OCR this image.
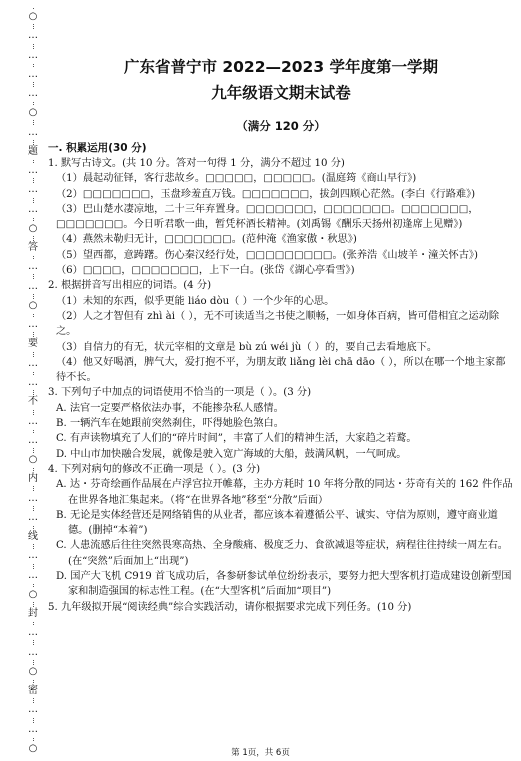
○
…
…
…
…
○
…
题
…
…
…
○
答
…
…
○
…
要
…
…
不
…
…
○
内
…
…
线
…
…
○
封
…
…
○
密
…
…
○
广东省普宁市 2022—2023 学年度第一学期
九年级语文期末试卷
（满分 120 分）
一. 积累运用(30 分)
1. 默写古诗文。(共 10 分。答对一句得 1 分，满分不超过 10 分)
（1）晨起动征铎，客行悲故乡。□□□□□，□□□□□。(温庭筠《商山早行》)
（2）□□□□□□□，玉盘珍羞直万钱。□□□□□□□，拔剑四顾心茫然。(李白《行路难》)
（3）巴山楚水凄凉地，二十三年弃置身。□□□□□□□，□□□□□□□。□□□□□□□，□□□□□□□。今日听君歌一曲，暂凭杯酒长精神。(刘禹锡《酬乐天扬州初逢席上见赠》)
（4）燕然未勒归无计，□□□□□□□。(范仲淹《渔家傲・秋思》)
（5）望西都，意踌躇。伤心秦汉经行处，□□□□□□□□□。(张养浩《山坡羊・潼关怀古》)
（6）□□□□，□□□□□□□，上下一白。(张岱《湖心亭看雪》)
2. 根据拼音写出相应的词语。(4 分)
（1）未知的东西，似乎更能 liáo dòu（ ）一个少年的心思。
（2）人之才智但有 zhì ài（ ），无不可读适当之书使之顺畅，一如身体百病，皆可借相宜之运动除之。
（3）自信力的有无，状元宰相的文章是 bù zú wéi jù（ ）的，要自己去看地底下。
（4）他又好喝酒，脾气大，爱打抱不平，为朋友敢 liǎng lèi chā dāo（ ），所以在哪一个地主家都待不长。
3. 下列句子中加点的词语使用不恰当的一项是（ ）。(3 分)
A. 法官一定要严格依法办事，不能掺杂私人感情。
B. 一辆汽车在她跟前突然刹住，吓得她脸色煞白。
C. 有声读物填充了人们的“碎片时间”，丰富了人们的精神生活，大家趋之若鹜。
D. 中山市加快融合发展，就像是驶入宽广海域的大船，鼓满风帆，一气呵成。
4. 下列对病句的修改不正确一项是（ ）。(3 分)
A. 达・芬奇绘画作品展在卢浮宫拉开帷幕，主办方耗时 10 年将分散的同达・芬奇有关的 162 件作品在世界各地汇集起来。（将“在世界各地”移至“分散”后面）
B. 无论是实体经营还是网络销售的从业者，都应该本着遵循公平、诚实、守信为原则，遵守商业道德。(删掉“本着”)
C. 人患流感后往往突然畏寒高热、全身酸痛、极度乏力、食欲减退等症状，病程往往持续一周左右。(在“突然”后面加上“出现”)
D. 国产大飞机 C919 首飞成功后，各参研参试单位纷纷表示，要努力把大型客机打造成建设创新型国家和制造强国的标志性工程。(在“大型客机”后面加“项目”)
5. 九年级拟开展“阅读经典”综合实践活动，请你根据要求完成下列任务。(10 分)
第 1页，共 6页
